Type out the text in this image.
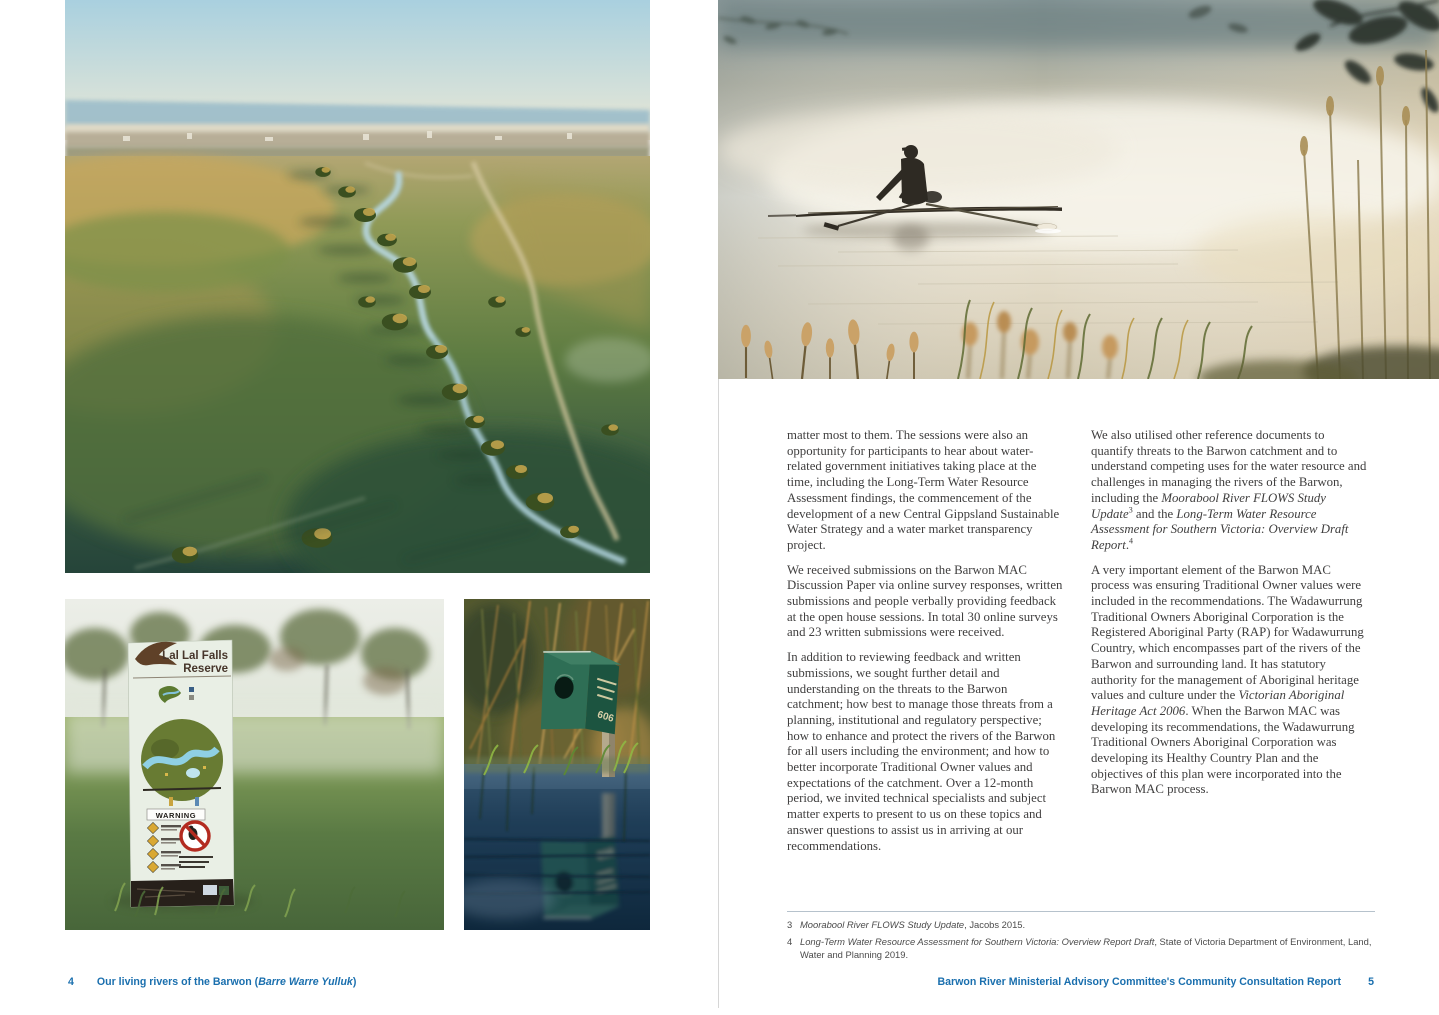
Lal Lal Falls
Reserve
WARNING
4 Our living rivers of the Barwon (Barre Warre Yulluk)

matter most to them. The sessions were also an opportunity for participants to hear about water-related government initiatives taking place at the time, including the Long-Term Water Resource Assessment findings, the commencement of the development of a new Central Gippsland Sustainable Water Strategy and a water market transparency project.

We received submissions on the Barwon MAC Discussion Paper via online survey responses, written submissions and people verbally providing feedback at the open house sessions. In total 30 online surveys and 23 written submissions were received.

In addition to reviewing feedback and written submissions, we sought further detail and understanding on the threats to the Barwon catchment; how best to manage those threats from a planning, institutional and regulatory perspective; how to enhance and protect the rivers of the Barwon for all users including the environment; and how to better incorporate Traditional Owner values and expectations of the catchment. Over a 12-month period, we invited technical specialists and subject matter experts to present to us on these topics and answer questions to assist us in arriving at our recommendations.

We also utilised other reference documents to quantify threats to the Barwon catchment and to understand competing uses for the water resource and challenges in managing the rivers of the Barwon, including the Moorabool River FLOWS Study Update$^3$ and the Long-Term Water Resource Assessment for Southern Victoria: Overview Draft Report.$^4$

A very important element of the Barwon MAC process was ensuring Traditional Owner values were included in the recommendations. The Wadawurrung Traditional Owners Aboriginal Corporation is the Registered Aboriginal Party (RAP) for Wadawurrung Country, which encompasses part of the rivers of the Barwon and surrounding land. It has statutory authority for the management of Aboriginal heritage values and culture under the Victorian Aboriginal Heritage Act 2006. When the Barwon MAC was developing its recommendations, the Wadawurrung Traditional Owners Aboriginal Corporation was developing its Healthy Country Plan and the objectives of this plan were incorporated into the Barwon MAC process.

3 Moorabool River FLOWS Study Update, Jacobs 2015.
4 Long-Term Water Resource Assessment for Southern Victoria: Overview Report Draft, State of Victoria Department of Environment, Land, Water and Planning 2019.
Barwon River Ministerial Advisory Committee's Community Consultation Report	5
